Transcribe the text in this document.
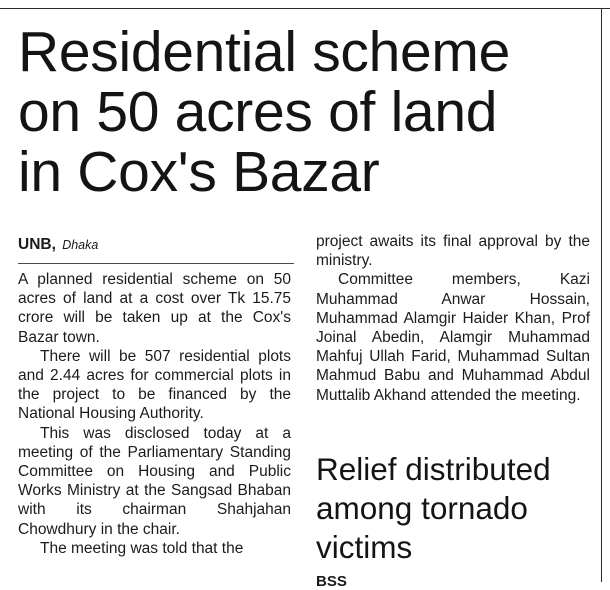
Residential scheme
on 50 acres of land
in Cox's Bazar
UNB, Dhaka

A planned residential scheme on 50 acres of land at a cost over Tk 15.75 crore will be taken up at the Cox's Bazar town.

There will be 507 residential plots and 2.44 acres for commercial plots in the project to be financed by the National Housing Authority.

This was disclosed today at a meeting of the Parliamentary Standing Committee on Housing and Public Works Ministry at the Sangsad Bhaban with its chairman Shahjahan Chowdhury in the chair.

The meeting was told that the

project awaits its final approval by the ministry.

Committee members, Kazi Muhammad Anwar Hossain, Muhammad Alamgir Haider Khan, Prof Joinal Abedin, Alamgir Muhammad Mahfuj Ullah Farid, Muhammad Sultan Mahmud Babu and Muhammad Abdul Muttalib Akhand attended the meeting.

Relief distributed
among tornado
victims
BSS
